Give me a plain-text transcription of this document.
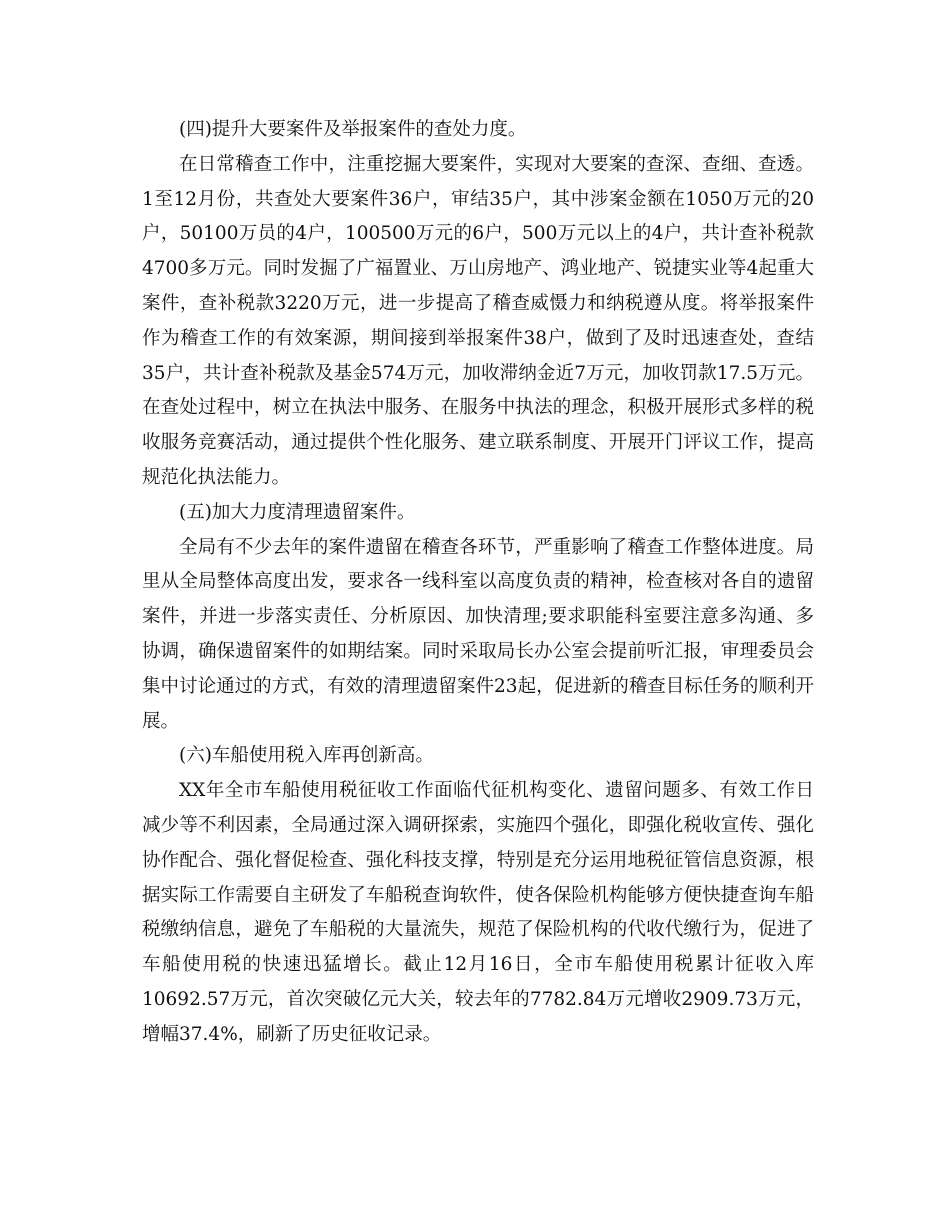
(四)提升大要案件及举报案件的查处力度。

在日常稽查工作中，注重挖掘大要案件，实现对大要案的查深、查细、查透。1至12月份，共查处大要案件36户，审结35户，其中涉案金额在1050万元的20户，50100万员的4户，100500万元的6户，500万元以上的4户，共计查补税款4700多万元。同时发掘了广福置业、万山房地产、鸿业地产、锐捷实业等4起重大案件，查补税款3220万元，进一步提高了稽查威慑力和纳税遵从度。将举报案件作为稽查工作的有效案源，期间接到举报案件38户，做到了及时迅速查处，查结35户，共计查补税款及基金574万元，加收滞纳金近7万元，加收罚款17.5万元。在查处过程中，树立在执法中服务、在服务中执法的理念，积极开展形式多样的税收服务竞赛活动，通过提供个性化服务、建立联系制度、开展开门评议工作，提高规范化执法能力。

(五)加大力度清理遗留案件。

全局有不少去年的案件遗留在稽查各环节，严重影响了稽查工作整体进度。局里从全局整体高度出发，要求各一线科室以高度负责的精神，检查核对各自的遗留案件，并进一步落实责任、分析原因、加快清理;要求职能科室要注意多沟通、多协调，确保遗留案件的如期结案。同时采取局长办公室会提前听汇报，审理委员会集中讨论通过的方式，有效的清理遗留案件23起，促进新的稽查目标任务的顺利开展。

(六)车船使用税入库再创新高。

XX年全市车船使用税征收工作面临代征机构变化、遗留问题多、有效工作日减少等不利因素，全局通过深入调研探索，实施四个强化，即强化税收宣传、强化协作配合、强化督促检查、强化科技支撑，特别是充分运用地税征管信息资源，根据实际工作需要自主研发了车船税查询软件，使各保险机构能够方便快捷查询车船税缴纳信息，避免了车船税的大量流失，规范了保险机构的代收代缴行为，促进了车船使用税的快速迅猛增长。截止12月16日，全市车船使用税累计征收入库10692.57万元，首次突破亿元大关，较去年的7782.84万元增收2909.73万元，增幅37.4%，刷新了历史征收记录。
